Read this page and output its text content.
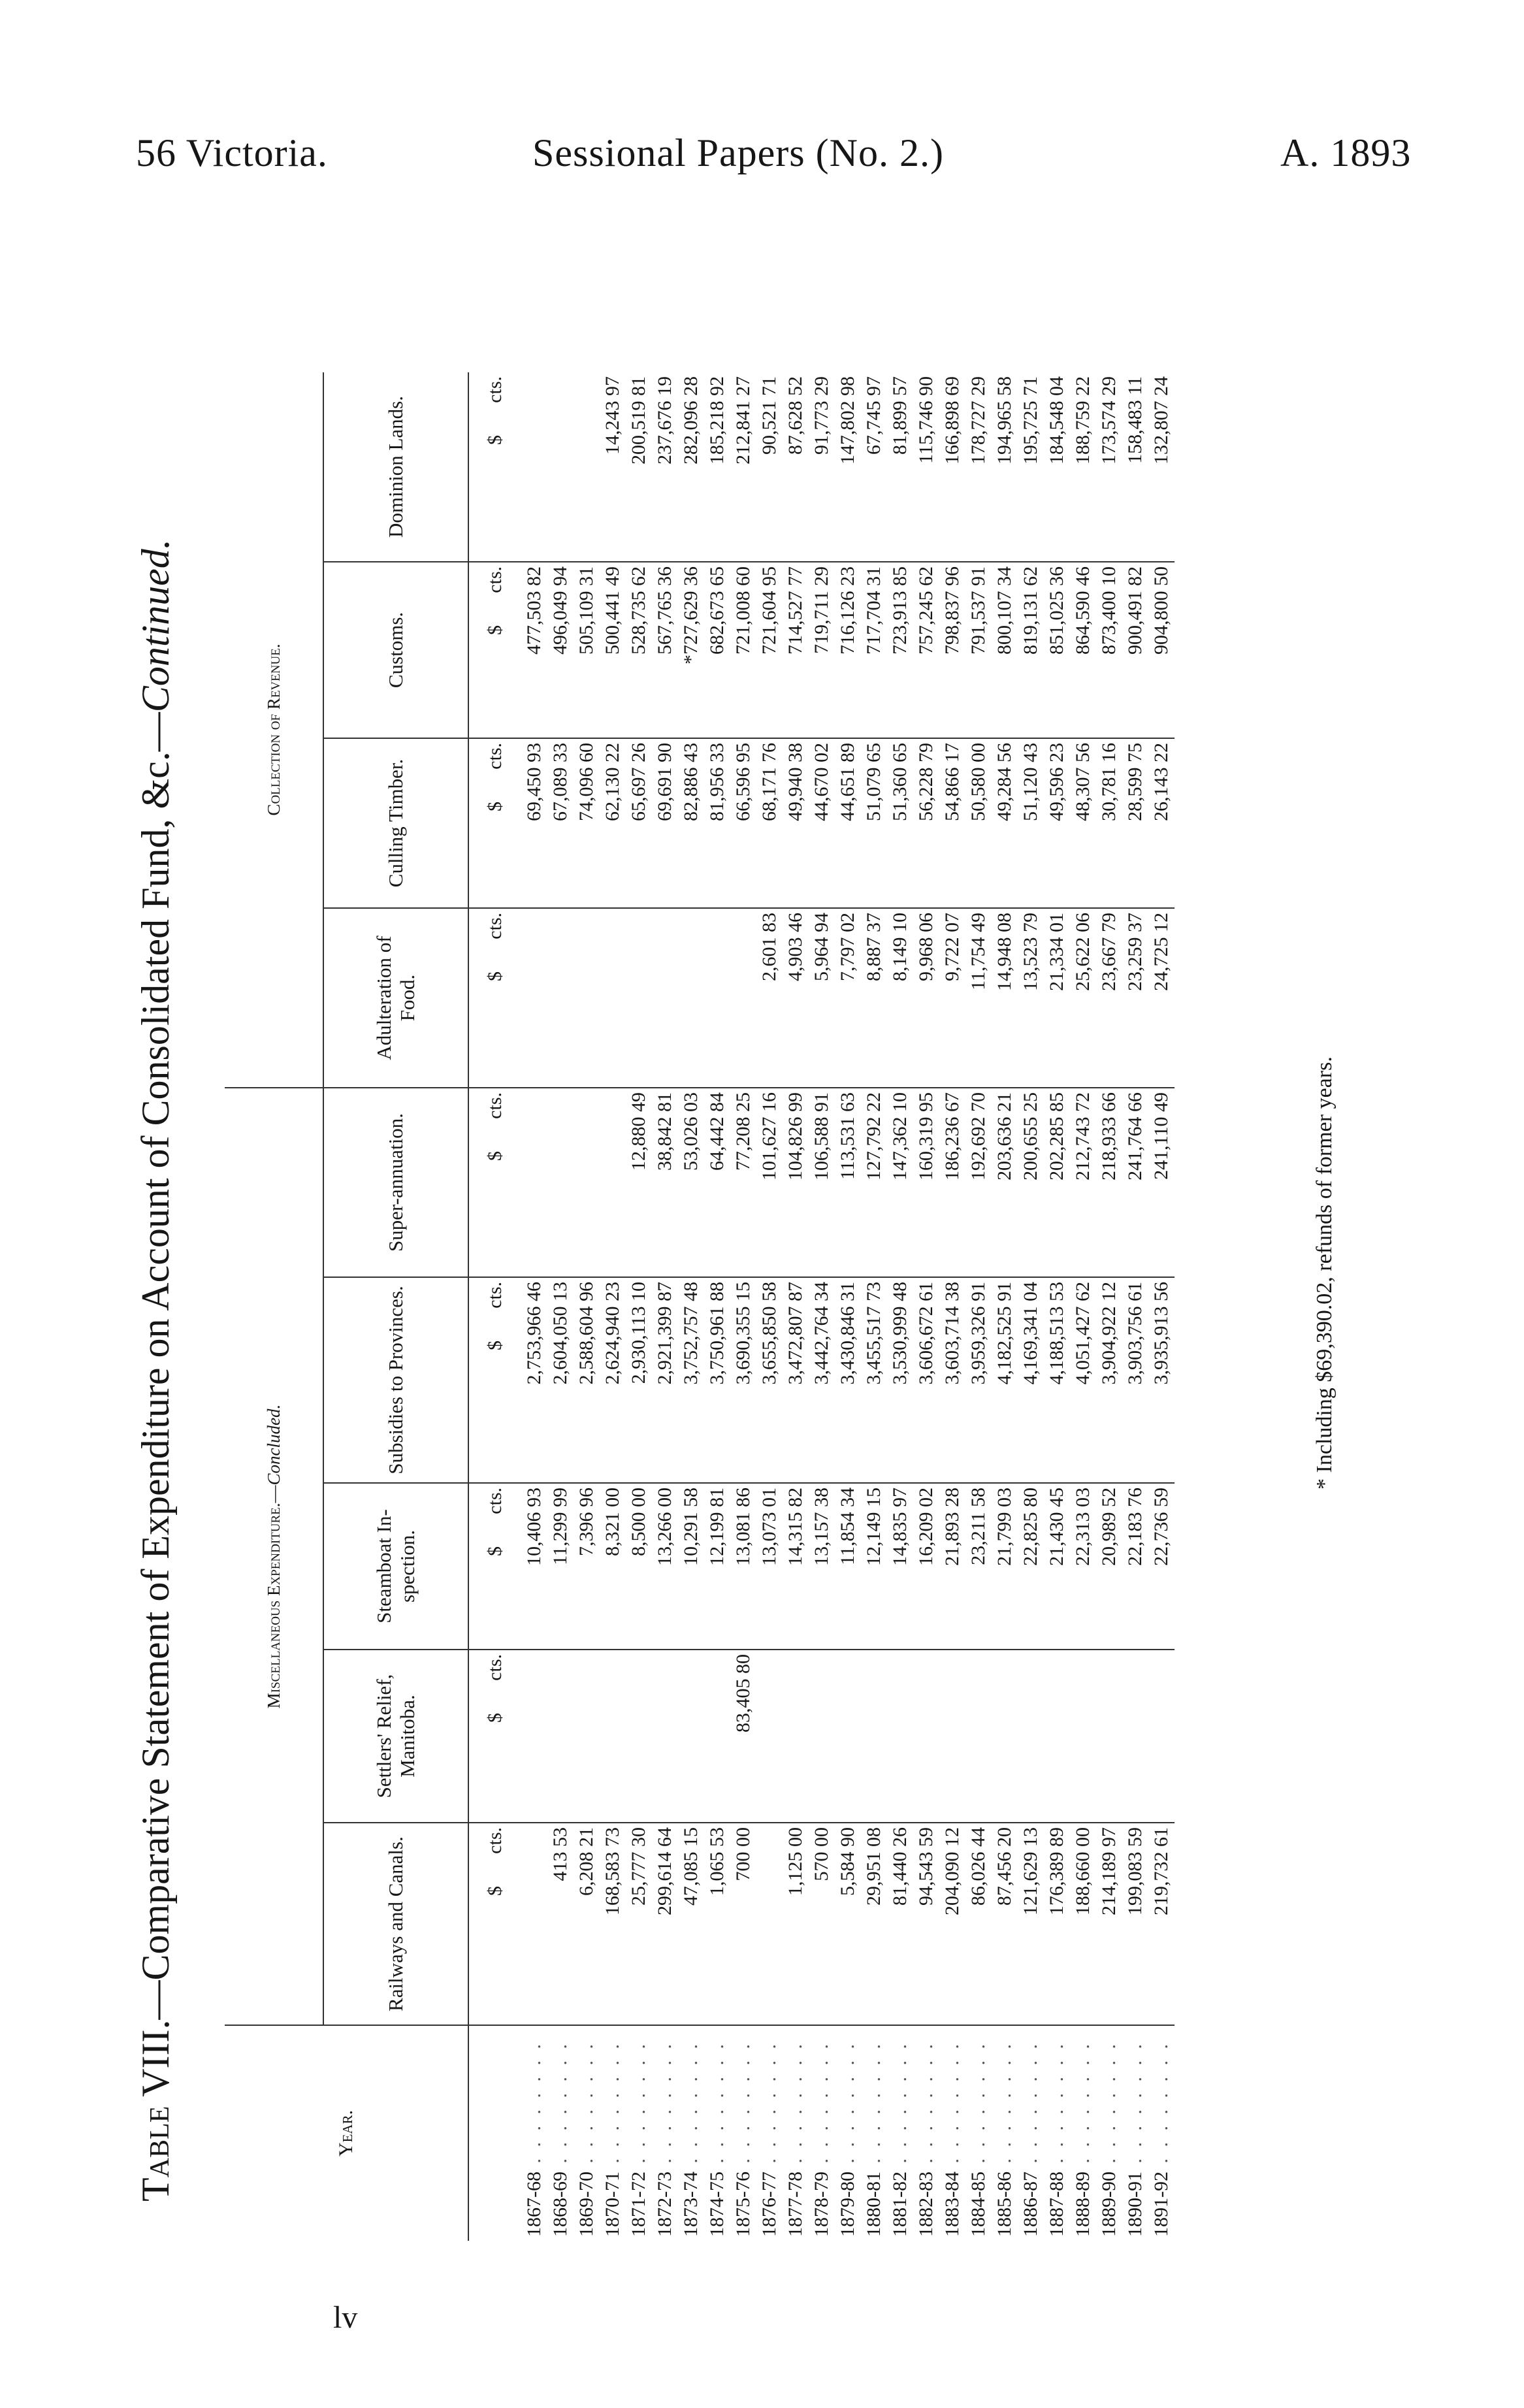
56 Victoria.	Sessional Papers (No. 2.)	A. 1893
Table VIII.—Comparative Statement of Expenditure on Account of Consolidated Fund, &c.—Continued.
Year.	Miscellaneous Expenditure.—Concluded.					Collection of Revenue.			
	Railways and Canals.	Settlers' Relief, Manitoba.	Steamboat In-spection.	Subsidies to Provinces.	Super-annuation.	Adulteration of Food.	Culling Timber.	Customs.	Dominion Lands.
	$cts.	$cts.	$cts.	$cts.	$cts.	$cts.	$cts.	$cts.	$cts.
1867-68 . . . . . . . .			10,406 93	2,753,966 46			69,450 93	477,503 82	
1868-69 . . . . . . . .	413 53		11,299 99	2,604,050 13			67,089 33	496,049 94	
1869-70 . . . . . . . .	6,208 21		7,396 96	2,588,604 96			74,096 60	505,109 31	
1870-71 . . . . . . . .	168,583 73		8,321 00	2,624,940 23			62,130 22	500,441 49	14,243 97
1871-72 . . . . . . . .	25,777 30		8,500 00	2,930,113 10	12,880 49		65,697 26	528,735 62	200,519 81
1872-73 . . . . . . . .	299,614 64		13,266 00	2,921,399 87	38,842 81		69,691 90	567,765 36	237,676 19
1873-74 . . . . . . . .	47,085 15		10,291 58	3,752,757 48	53,026 03		82,886 43	*727,629 36	282,096 28
1874-75 . . . . . . . .	1,065 53		12,199 81	3,750,961 88	64,442 84		81,956 33	682,673 65	185,218 92
1875-76 . . . . . . . .	700 00	83,405 80	13,081 86	3,690,355 15	77,208 25		66,596 95	721,008 60	212,841 27
1876-77 . . . . . . . .			13,073 01	3,655,850 58	101,627 16	2,601 83	68,171 76	721,604 95	90,521 71
1877-78 . . . . . . . .	1,125 00		14,315 82	3,472,807 87	104,826 99	4,903 46	49,940 38	714,527 77	87,628 52
1878-79 . . . . . . . .	570 00		13,157 38	3,442,764 34	106,588 91	5,964 94	44,670 02	719,711 29	91,773 29
1879-80 . . . . . . . .	5,584 90		11,854 34	3,430,846 31	113,531 63	7,797 02	44,651 89	716,126 23	147,802 98
1880-81 . . . . . . . .	29,951 08		12,149 15	3,455,517 73	127,792 22	8,887 37	51,079 65	717,704 31	67,745 97
1881-82 . . . . . . . .	81,440 26		14,835 97	3,530,999 48	147,362 10	8,149 10	51,360 65	723,913 85	81,899 57
1882-83 . . . . . . . .	94,543 59		16,209 02	3,606,672 61	160,319 95	9,968 06	56,228 79	757,245 62	115,746 90
1883-84 . . . . . . . .	204,090 12		21,893 28	3,603,714 38	186,236 67	9,722 07	54,866 17	798,837 96	166,898 69
1884-85 . . . . . . . .	86,026 44		23,211 58	3,959,326 91	192,692 70	11,754 49	50,580 00	791,537 91	178,727 29
1885-86 . . . . . . . .	87,456 20		21,799 03	4,182,525 91	203,636 21	14,948 08	49,284 56	800,107 34	194,965 58
1886-87 . . . . . . . .	121,629 13		22,825 80	4,169,341 04	200,655 25	13,523 79	51,120 43	819,131 62	195,725 71
1887-88 . . . . . . . .	176,389 89		21,430 45	4,188,513 53	202,285 85	21,334 01	49,596 23	851,025 36	184,548 04
1888-89 . . . . . . . .	188,660 00		22,313 03	4,051,427 62	212,743 72	25,622 06	48,307 56	864,590 46	188,759 22
1889-90 . . . . . . . .	214,189 97		20,989 52	3,904,922 12	218,933 66	23,667 79	30,781 16	873,400 10	173,574 29
1890-91 . . . . . . . .	199,083 59		22,183 76	3,903,756 61	241,764 66	23,259 37	28,599 75	900,491 82	158,483 11
1891-92 . . . . . . . .	219,732 61		22,736 59	3,935,913 56	241,110 49	24,725 12	26,143 22	904,800 50	132,807 24
* Including $69,390.02, refunds of former years.
lv
